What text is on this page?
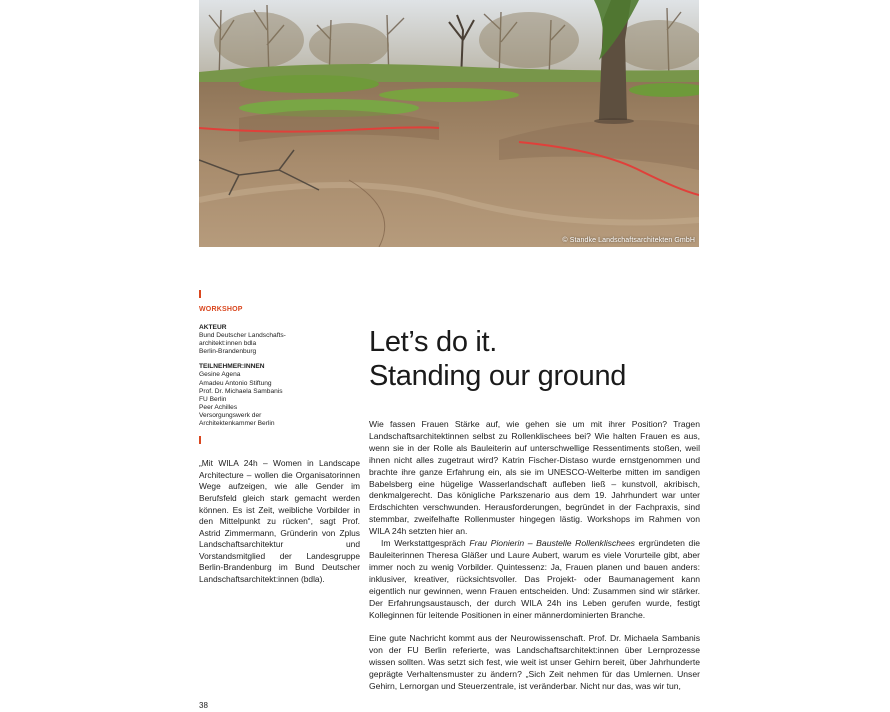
© Standke Landschaftsarchitekten GmbH
WORKSHOP
AKTEUR
Bund Deutscher Landschafts-
architekt:innen bdla
Berlin-Brandenburg
TEILNEHMER:INNEN
Gesine Agena
Amadeu Antonio Stiftung
Prof. Dr. Michaela Sambanis
FU Berlin
Peer Achilles
Versorgungswerk der
Architektenkammer Berlin
„Mit WILA 24h – Women in Landscape Architecture – wollen die Organisatorinnen Wege aufzeigen, wie alle Gender im Berufsfeld gleich stark gemacht werden können. Es ist Zeit, weibliche Vorbilder in den Mittelpunkt zu rücken“, sagt Prof. Astrid Zimmermann, Gründerin von Zplus Landschaftsarchitektur und Vorstandsmitglied der Landesgruppe Berlin-Brandenburg im Bund Deutscher Landschaftsarchitekt:innen (bdla).
Let’s do it.
Standing our ground

Wie fassen Frauen Stärke auf, wie gehen sie um mit ihrer Position? Tragen Landschaftsarchitektinnen selbst zu Rollenklischees bei? Wie halten Frauen es aus, wenn sie in der Rolle als Bauleiterin auf unterschwellige Ressentiments stoßen, weil ihnen nicht alles zugetraut wird? Katrin Fischer-Distaso wurde ernstgenommen und brachte ihre ganze Erfahrung ein, als sie im UNESCO-Welterbe mitten im sandigen Babelsberg eine hügelige Wasserlandschaft aufleben ließ – kunstvoll, akribisch, denkmalgerecht. Das königliche Parkszenario aus dem 19. Jahrhundert war unter Erdschichten verschwunden. Herausforderungen, begründet in der Fachpraxis, sind stemmbar, zweifelhafte Rollenmuster hingegen lästig. Workshops im Rahmen von WILA 24h setzten hier an.

Im Werkstattgespräch Frau Pionierin – Baustelle Rollenklischees ergründeten die Bauleiterinnen Theresa Gläßer und Laure Aubert, warum es viele Vorurteile gibt, aber immer noch zu wenig Vorbilder. Quintessenz: Ja, Frauen planen und bauen anders: inklusiver, kreativer, rücksichtsvoller. Das Projekt- oder Baumanagement kann eigentlich nur gewinnen, wenn Frauen entscheiden. Und: Zusammen sind wir stärker. Der Erfahrungsaustausch, der durch WILA 24h ins Leben gerufen wurde, festigt Kolleginnen für leitende Positionen in einer männerdominierten Branche.

Eine gute Nachricht kommt aus der Neurowissenschaft. Prof. Dr. Michaela Sambanis von der FU Berlin referierte, was Landschaftsarchitekt:innen über Lernprozesse wissen sollten. Was setzt sich fest, wie weit ist unser Gehirn bereit, über Jahrhunderte geprägte Verhaltensmuster zu ändern? „Sich Zeit nehmen für das Umlernen. Unser Gehirn, Lernorgan und Steuerzentrale, ist veränderbar. Nicht nur das, was wir tun,

38
